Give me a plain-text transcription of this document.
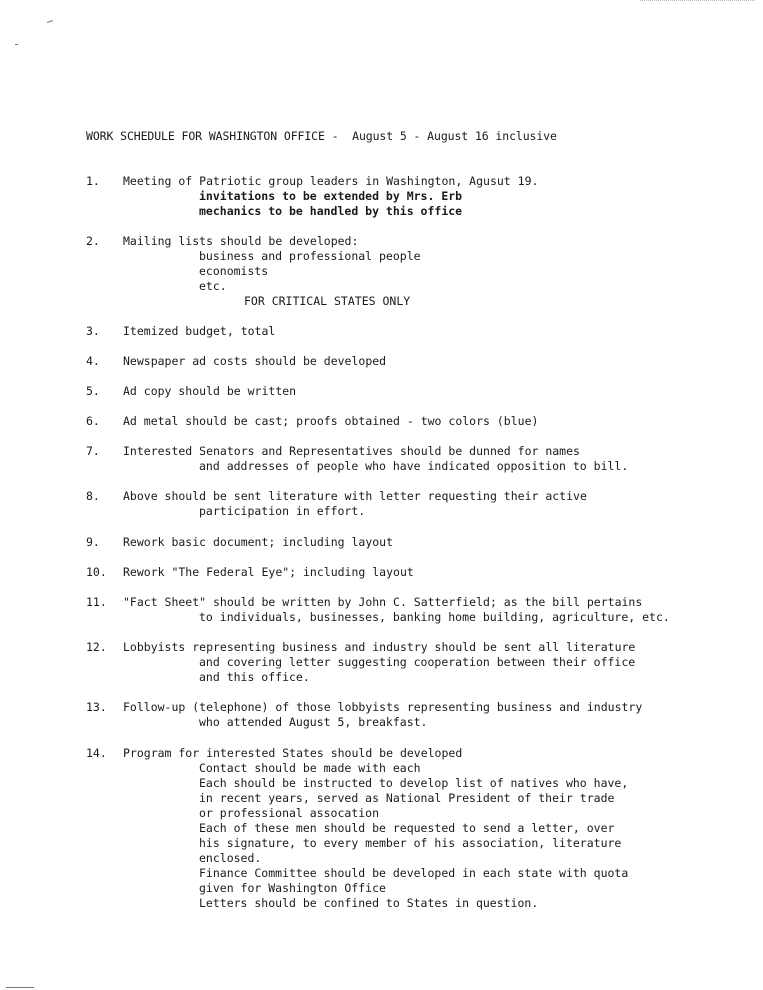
WORK SCHEDULE FOR WASHINGTON OFFICE -  August 5 - August 16 inclusive
1. Meeting of Patriotic group leaders in Washington, Agusut 19.
invitations to be extended by Mrs. Erb
mechanics to be handled by this office
2. Mailing lists should be developed:
business and professional people
economists
etc.
FOR CRITICAL STATES ONLY
3. Itemized budget, total
4. Newspaper ad costs should be developed
5. Ad copy should be written
6. Ad metal should be cast; proofs obtained - two colors (blue)
7. Interested Senators and Representatives should be dunned for names
and addresses of people who have indicated opposition to bill.
8. Above should be sent literature with letter requesting their active
participation in effort.
9. Rework basic document; including layout
10. Rework "The Federal Eye"; including layout
11. "Fact Sheet" should be written by John C. Satterfield; as the bill pertains
to individuals, businesses, banking home building, agriculture, etc.
12. Lobbyists representing business and industry should be sent all literature
and covering letter suggesting cooperation between their office
and this office.
13. Follow-up (telephone) of those lobbyists representing business and industry
who attended August 5, breakfast.
14. Program for interested States should be developed
Contact should be made with each
Each should be instructed to develop list of natives who have,
in recent years, served as National President of their trade
or professional assocation
Each of these men should be requested to send a letter, over
his signature, to every member of his association, literature
enclosed.
Finance Committee should be developed in each state with quota
given for Washington Office
Letters should be confined to States in question.
